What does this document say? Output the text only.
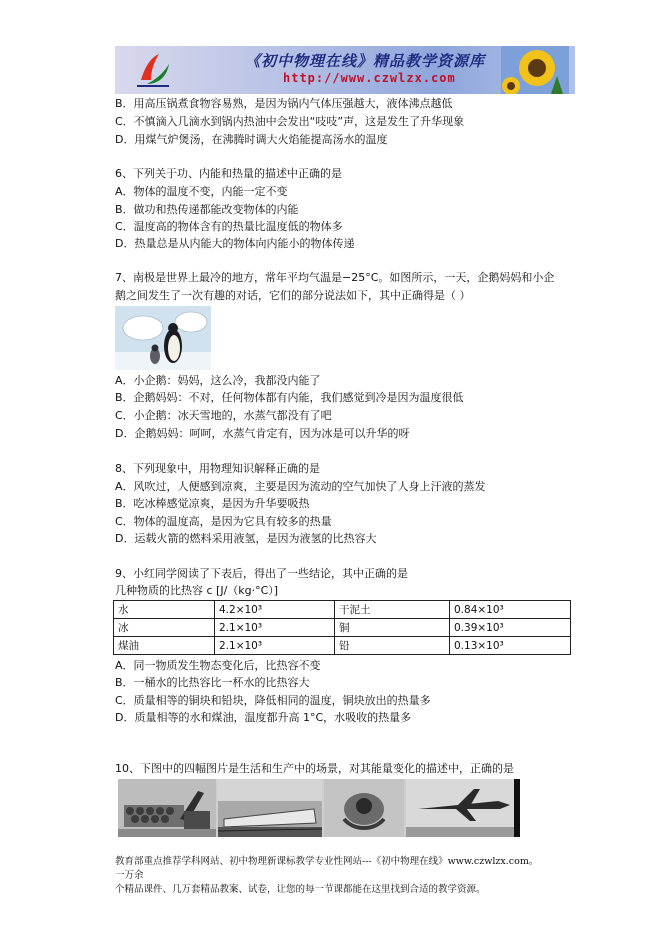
《初中物理在线》精品教学资源库
http://www.czwlzx.com
B．用高压锅煮食物容易熟，是因为锅内气体压强越大，液体沸点越低
C．不慎滴入几滴水到锅内热油中会发出“吱吱”声，这是发生了升华现象
D．用煤气炉煲汤，在沸腾时调大火焰能提高汤水的温度
6、下列关于功、内能和热量的描述中正确的是
A．物体的温度不变，内能一定不变
B．做功和热传递都能改变物体的内能
C．温度高的物体含有的热量比温度低的物体多
D．热量总是从内能大的物体向内能小的物体传递
7、南极是世界上最冷的地方，常年平均气温是−25°C。如图所示，一天，企鹅妈妈和小企
鹅之间发生了一次有趣的对话，它们的部分说法如下，其中正确得是（ ）
A．小企鹅：妈妈，这么冷，我都没内能了
B．企鹅妈妈：不对，任何物体都有内能，我们感觉到冷是因为温度很低
C．小企鹅：冰天雪地的，水蒸气都没有了吧
D．企鹅妈妈：呵呵，水蒸气肯定有，因为冰是可以升华的呀
8、下列现象中，用物理知识解释正确的是
A．风吹过，人便感到凉爽，主要是因为流动的空气加快了人身上汗液的蒸发
B．吃冰棒感觉凉爽，是因为升华要吸热
C．物体的温度高，是因为它具有较多的热量
D．运载火箭的燃料采用液氢，是因为液氢的比热容大
9、小红同学阅读了下表后，得出了一些结论，其中正确的是
几种物质的比热容 c [J/（kg·°C）]
水	4.2×10³	干泥土	0.84×10³
冰	2.1×10³	铜	0.39×10³
煤油	2.1×10³	铅	0.13×10³
A．同一物质发生物态变化后，比热容不变
B．一桶水的比热容比一杯水的比热容大
C．质量相等的铜块和铅块，降低相同的温度，铜块放出的热量多
D．质量相等的水和煤油，温度都升高 1°C，水吸收的热量多
10、下图中的四幅图片是生活和生产中的场景，对其能量变化的描述中，正确的是
教育部重点推荐学科网站、初中物理新课标教学专业性网站---《初中物理在线》www.czwlzx.com。一万余
个精品课件、几万套精品教案、试卷，让您的每一节课都能在这里找到合适的教学资源。
